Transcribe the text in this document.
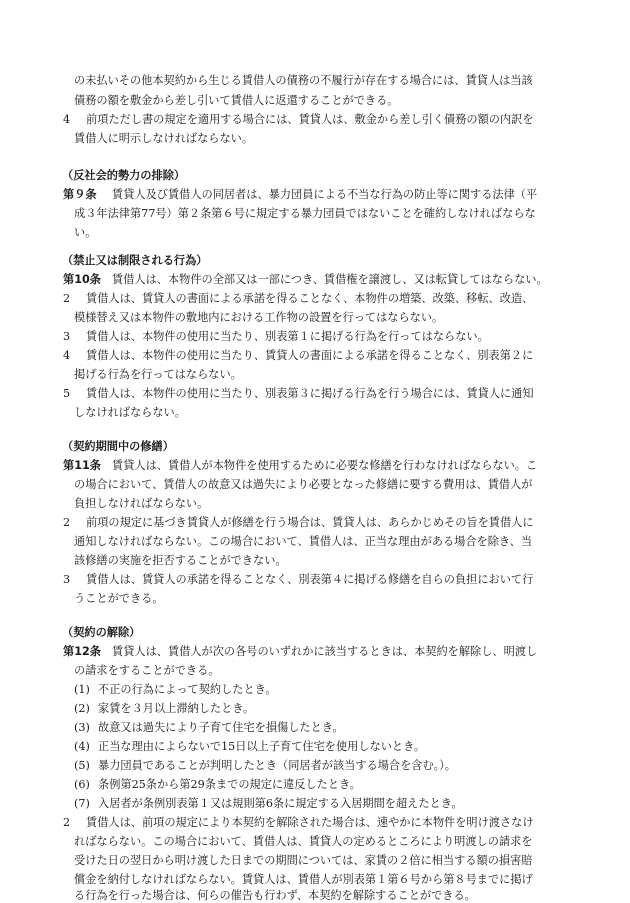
の未払いその他本契約から生じる賃借人の債務の不履行が存在する場合には、賃貸人は当該
債務の額を敷金から差し引いて賃借人に返還することができる。
4 前項ただし書の規定を適用する場合には、賃貸人は、敷金から差し引く債務の額の内訳を
賃借人に明示しなければならない。
（反社会的勢力の排除）
第９条 賃貸人及び賃借人の同居者は、暴力団員による不当な行為の防止等に関する法律（平
成３年法律第77号）第２条第６号に規定する暴力団員ではないことを確約しなければならな
い。
（禁止又は制限される行為）
第10条 賃借人は、本物件の全部又は一部につき、賃借権を譲渡し、又は転貸してはならない。
2 賃借人は、賃貸人の書面による承諾を得ることなく、本物件の増築、改築、移転、改造、
模様替え又は本物件の敷地内における工作物の設置を行ってはならない。
3 賃借人は、本物件の使用に当たり、別表第１に掲げる行為を行ってはならない。
4 賃借人は、本物件の使用に当たり、賃貸人の書面による承諾を得ることなく、別表第２に
掲げる行為を行ってはならない。
5 賃借人は、本物件の使用に当たり、別表第３に掲げる行為を行う場合には、賃貸人に通知
しなければならない。
（契約期間中の修繕）
第11条 賃貸人は、賃借人が本物件を使用するために必要な修繕を行わなければならない。こ
の場合において、賃借人の故意又は過失により必要となった修繕に要する費用は、賃借人が
負担しなければならない。
2 前項の規定に基づき賃貸人が修繕を行う場合は、賃貸人は、あらかじめその旨を賃借人に
通知しなければならない。この場合において、賃借人は、正当な理由がある場合を除き、当
該修繕の実施を拒否することができない。
3 賃借人は、賃貸人の承諾を得ることなく、別表第４に掲げる修繕を自らの負担において行
うことができる。
（契約の解除）
第12条 賃貸人は、賃借人が次の各号のいずれかに該当するときは、本契約を解除し、明渡し
の請求をすることができる。
(1) 不正の行為によって契約したとき。
(2) 家賃を３月以上滞納したとき。
(3) 故意又は過失により子育て住宅を損傷したとき。
(4) 正当な理由によらないで15日以上子育て住宅を使用しないとき。
(5) 暴力団員であることが判明したとき（同居者が該当する場合を含む。）。
(6) 条例第25条から第29条までの規定に違反したとき。
(7) 入居者が条例別表第１又は規則第6条に規定する入居期間を超えたとき。
2 賃借人は、前項の規定により本契約を解除された場合は、速やかに本物件を明け渡さなけ
ればならない。この場合において、賃借人は、賃貸人の定めるところにより明渡しの請求を
受けた日の翌日から明け渡した日までの期間については、家賃の２倍に相当する額の損害賠
償金を納付しなければならない。賃貸人は、賃借人が別表第１第６号から第８号までに掲げ
る行為を行った場合は、何らの催告も行わず、本契約を解除することができる。
